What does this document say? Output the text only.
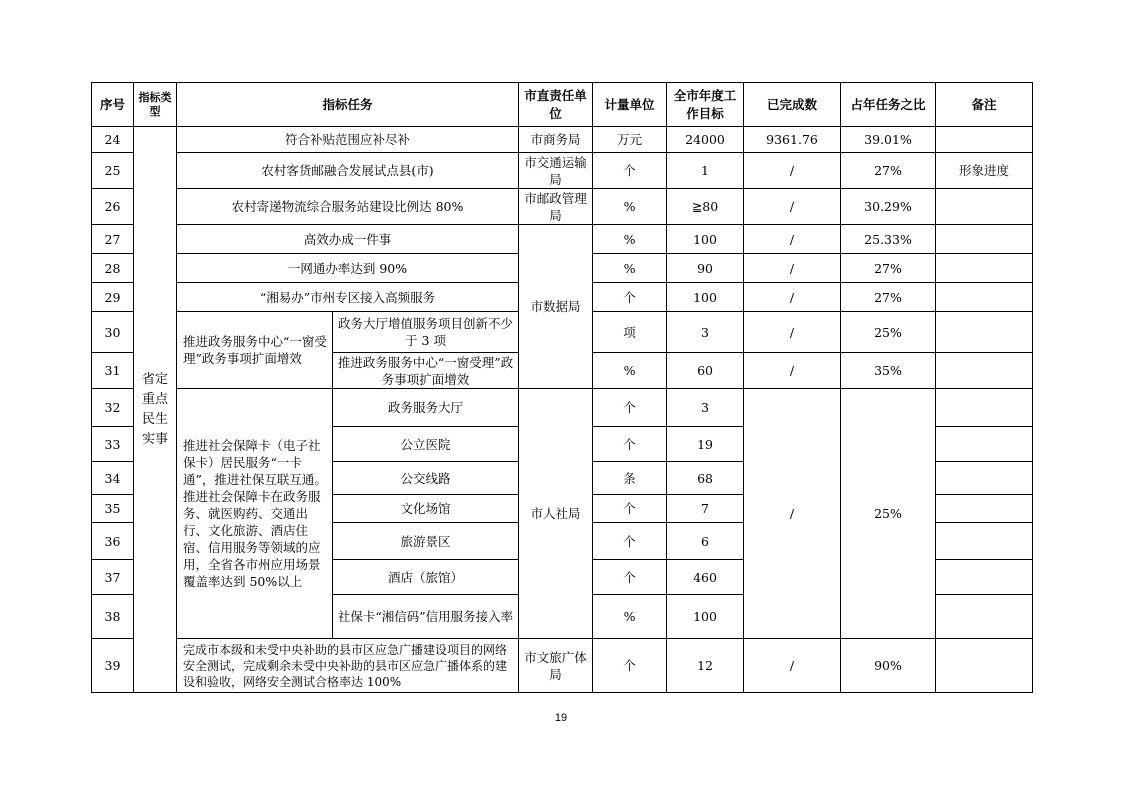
序号	指标类型	指标任务		市直责任单位	计量单位	全市年度工作目标	已完成数	占年任务之比	备注
24	省定重点民生实事	符合补贴范围应补尽补		市商务局	万元	24000	9361.76	39.01%	
25		农村客货邮融合发展试点县(市)		市交通运输局	个	1	/	27%	形象进度
26		农村寄递物流综合服务站建设比例达 80%		市邮政管理局	%	≧80	/	30.29%	
27		高效办成一件事		市数据局	%	100	/	25.33%	
28		一网通办率达到 90%			%	90	/	27%	
29		“湘易办”市州专区接入高频服务			个	100	/	27%	
30		推进政务服务中心“一窗受理”政务事项扩面增效	政务大厅增值服务项目创新不少于 3 项		项	3	/	25%	
31			推进政务服务中心“一窗受理”政务事项扩面增效		%	60	/	35%	
32		推进社会保障卡（电子社保卡）居民服务“一卡通”，推进社保互联互通。推进社会保障卡在政务服务、就医购药、交通出行、文化旅游、酒店住宿、信用服务等领域的应用，全省各市州应用场景覆盖率达到 50%以上	政务服务大厅	市人社局	个	3	/	25%	
33			公立医院		个	19			
34			公交线路		条	68			
35			文化场馆		个	7			
36			旅游景区		个	6			
37			酒店（旅馆）		个	460			
38			社保卡“湘信码”信用服务接入率		%	100			
39		完成市本级和未受中央补助的县市区应急广播建设项目的网络安全测试，完成剩余未受中央补助的县市区应急广播体系的建设和验收，网络安全测试合格率达 100%		市文旅广体局	个	12	/	90%	
19
